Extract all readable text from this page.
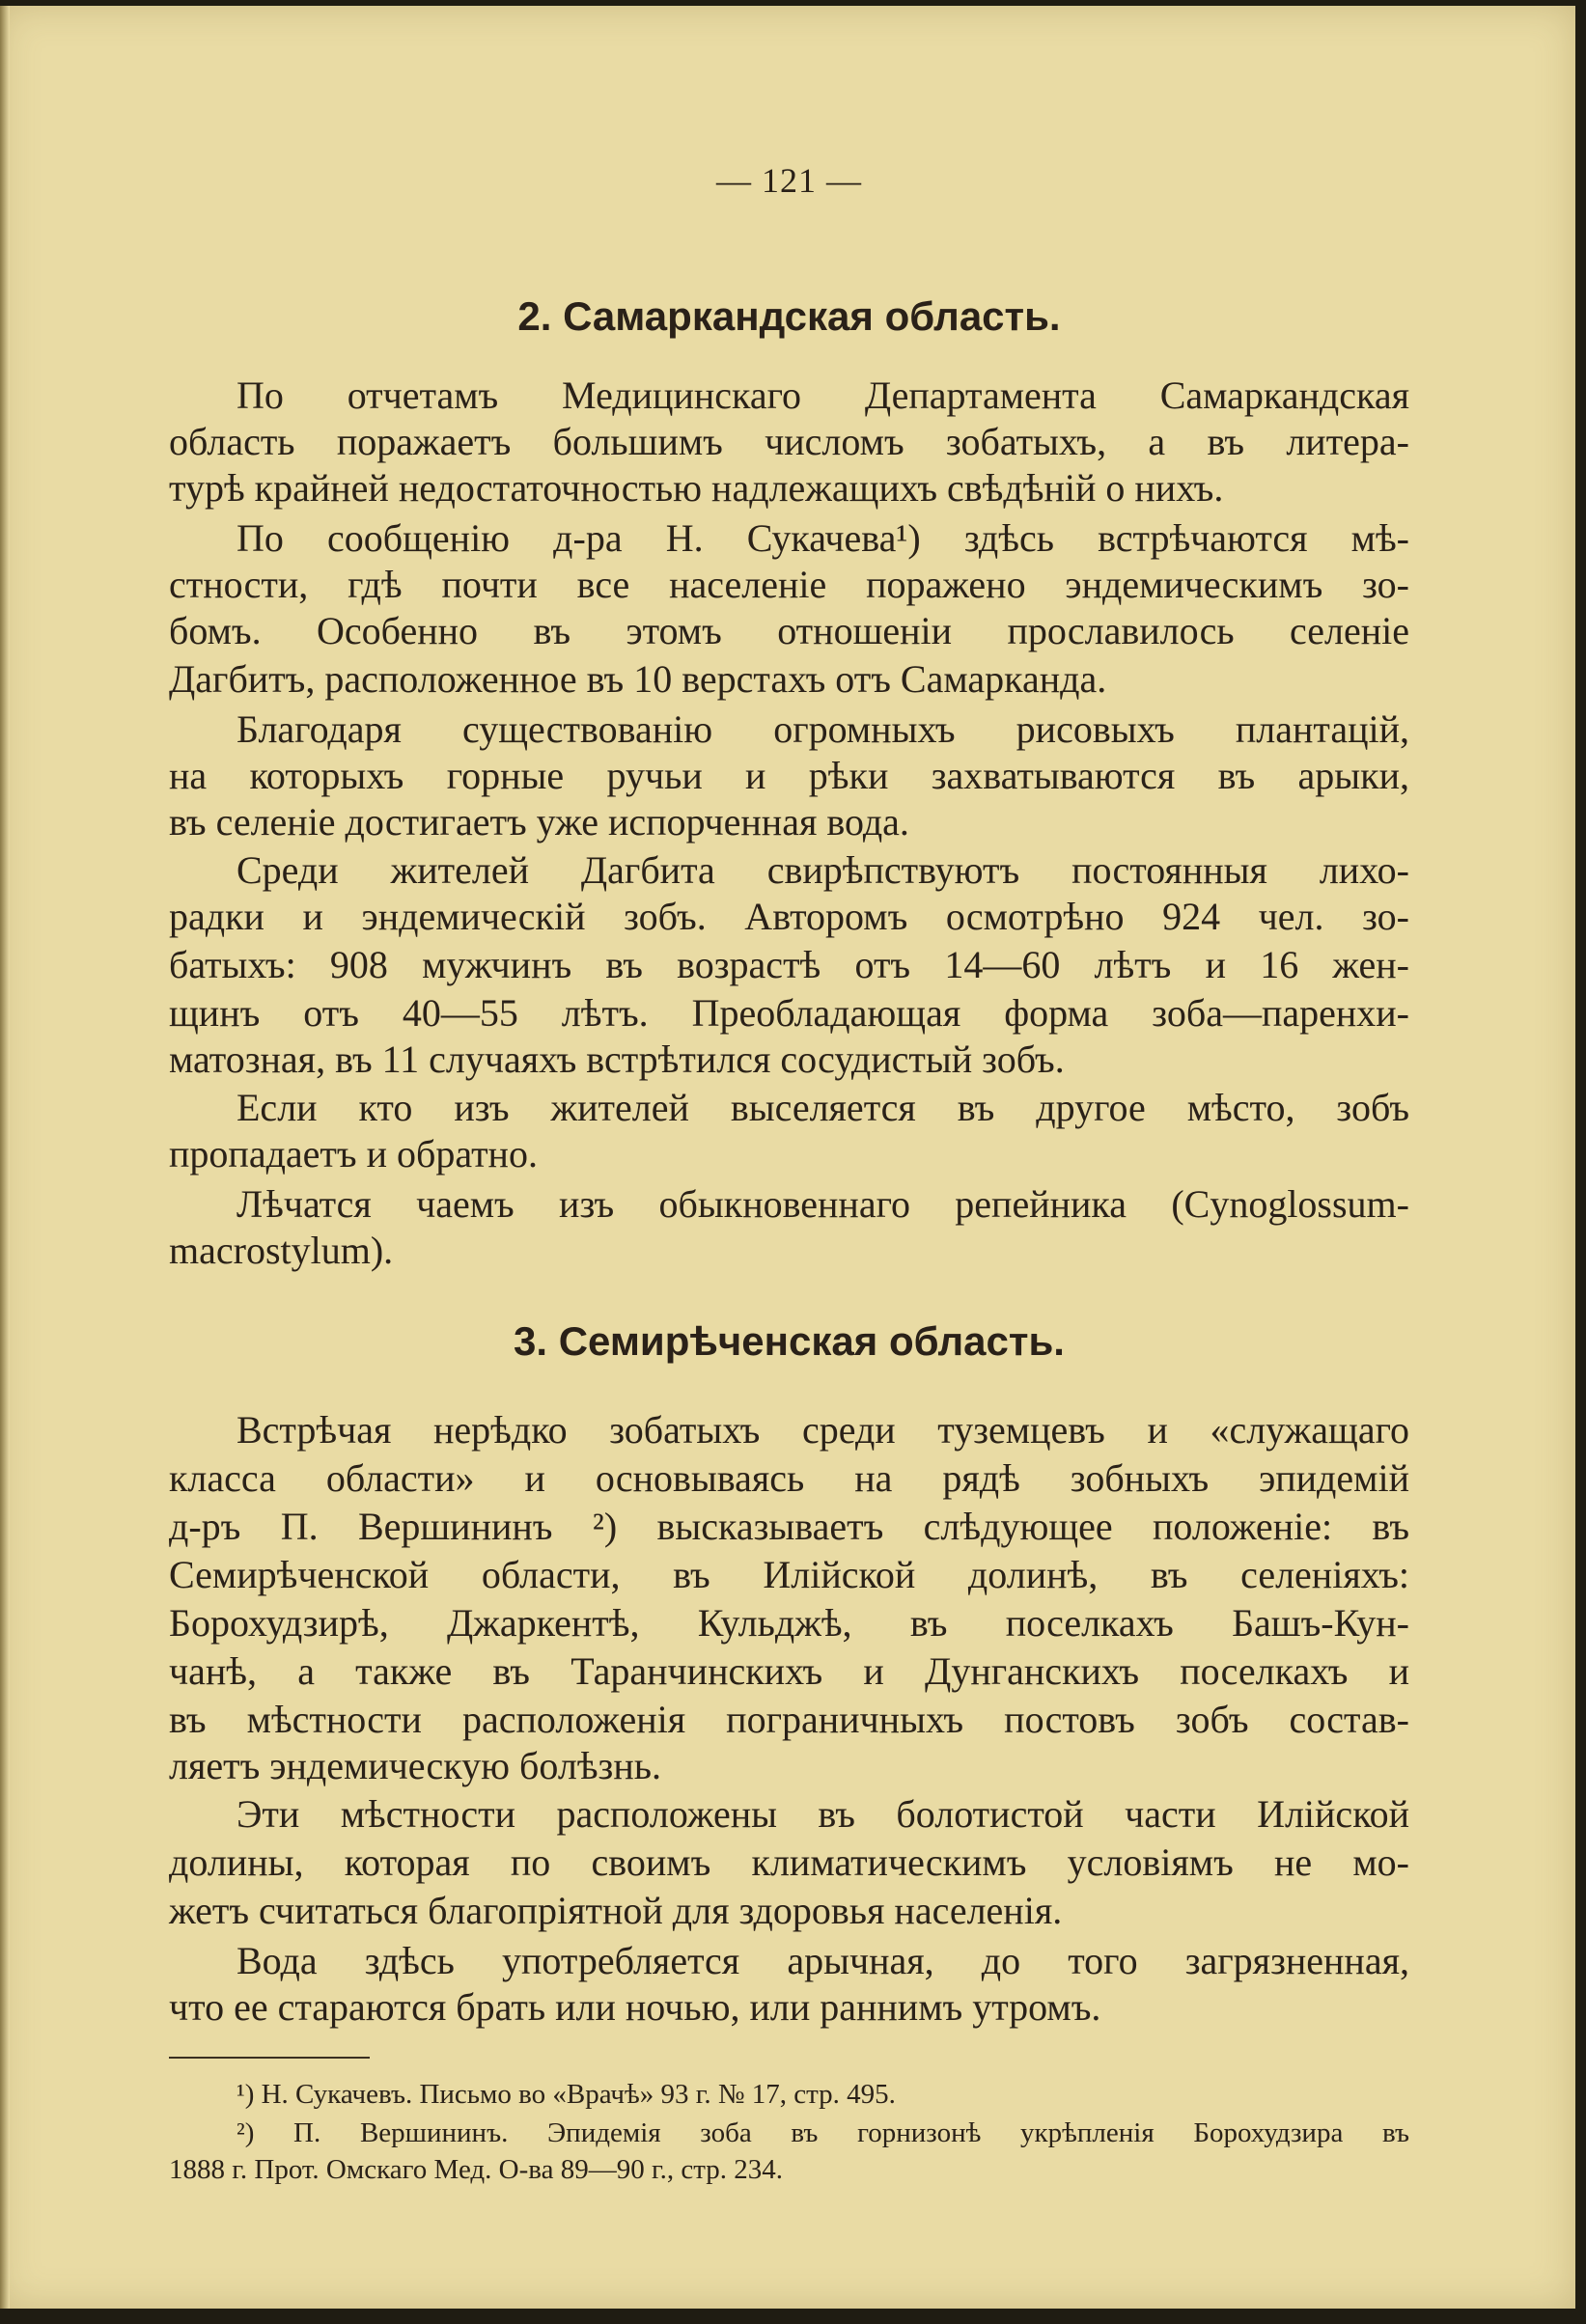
— 121 —
2. Самаркандская область.
По отчетамъ Медицинскаго Департамента Самаркандская
область поражаетъ большимъ числомъ зобатыхъ, а въ литера-
турѣ крайней недостаточностью надлежащихъ свѣдѣній о нихъ.
По сообщенію д-ра Н. Сукачева¹) здѣсь встрѣчаются мѣ-
стности, гдѣ почти все населеніе поражено эндемическимъ зо-
бомъ. Особенно въ этомъ отношеніи прославилось селеніе
Дагбитъ, расположенное въ 10 верстахъ отъ Самарканда.
Благодаря существованію огромныхъ рисовыхъ плантацій,
на которыхъ горные ручьи и рѣки захватываются въ арыки,
въ селеніе достигаетъ уже испорченная вода.
Среди жителей Дагбита свирѣпствуютъ постоянныя лихо-
радки и эндемическій зобъ. Авторомъ осмотрѣно 924 чел. зо-
батыхъ: 908 мужчинъ въ возрастѣ отъ 14—60 лѣтъ и 16 жен-
щинъ отъ 40—55 лѣтъ. Преобладающая форма зоба—паренхи-
матозная, въ 11 случаяхъ встрѣтился сосудистый зобъ.
Если кто изъ жителей выселяется въ другое мѣсто, зобъ
пропадаетъ и обратно.
Лѣчатся чаемъ изъ обыкновеннаго репейника (Cynoglossum-
macrostylum).
3. Семирѣченская область.
Встрѣчая нерѣдко зобатыхъ среди туземцевъ и «служащаго
класса области» и основываясь на рядѣ зобныхъ эпидемій
д-ръ П. Вершининъ ²) высказываетъ слѣдующее положеніе: въ
Семирѣченской области, въ Илійской долинѣ, въ селеніяхъ:
Борохудзирѣ, Джаркентѣ, Кульджѣ, въ поселкахъ Башъ-Кун-
чанѣ, а также въ Таранчинскихъ и Дунганскихъ поселкахъ и
въ мѣстности расположенія пограничныхъ постовъ зобъ состав-
ляетъ эндемическую болѣзнь.
Эти мѣстности расположены въ болотистой части Илійской
долины, которая по своимъ климатическимъ условіямъ не мо-
жетъ считаться благопріятной для здоровья населенія.
Вода здѣсь употребляется арычная, до того загрязненная,
что ее стараются брать или ночью, или раннимъ утромъ.
¹) Н. Сукачевъ. Письмо во «Врачѣ» 93 г. № 17, стр. 495.
²) П. Вершининъ. Эпидемія зоба въ горнизонѣ укрѣпленія Борохудзира въ
1888 г. Прот. Омскаго Мед. О-ва 89—90 г., стр. 234.
